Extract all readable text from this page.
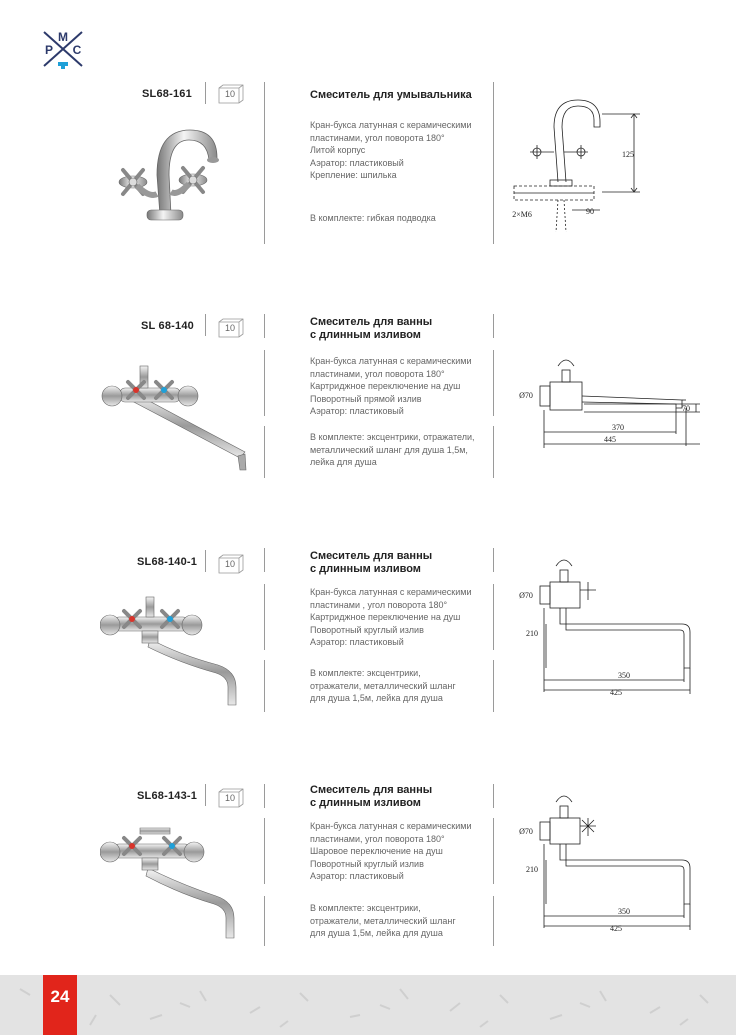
M
P C
SL68-161	10	Смеситель для умывальника
Кран-букса латунная с керамическими
пластинами, угол поворота 180°
Литой корпус
Аэратор: пластиковый
Крепление: шпилька
В комплекте: гибкая подводка
125
90
2×М6
SL 68-140	10	Смеситель для ванны
с длинным изливом
Кран-букса латунная с керамическими
пластинами, угол поворота 180°
Картриджное переключение на душ
Поворотный прямой излив
Аэратор: пластиковый
В комплекте: эксцентрики, отражатели,
металлический шланг для душа 1,5м,
лейка для душа
Ø70
70
370
445
SL68-140-1	10
Смеситель для ванны
с длинным изливом
Кран-букса латунная с керамическими
пластинами , угол поворота 180°
Картриджное переключение на душ
Поворотный круглый излив
Аэратор: пластиковый
В комплекте: эксцентрики,
отражатели, металлический шланг
для душа 1,5м, лейка для душа
Ø70
210
350
425
SL68-143-1	10
Смеситель для ванны
с длинным изливом
Кран-букса латунная с керамическими
пластинами, угол поворота 180°
Шаровое переключение на душ
Поворотный круглый излив
Аэратор: пластиковый
В комплекте: эксцентрики,
отражатели, металлический шланг
для душа 1,5м, лейка для душа
Ø70
210
350
425
24
